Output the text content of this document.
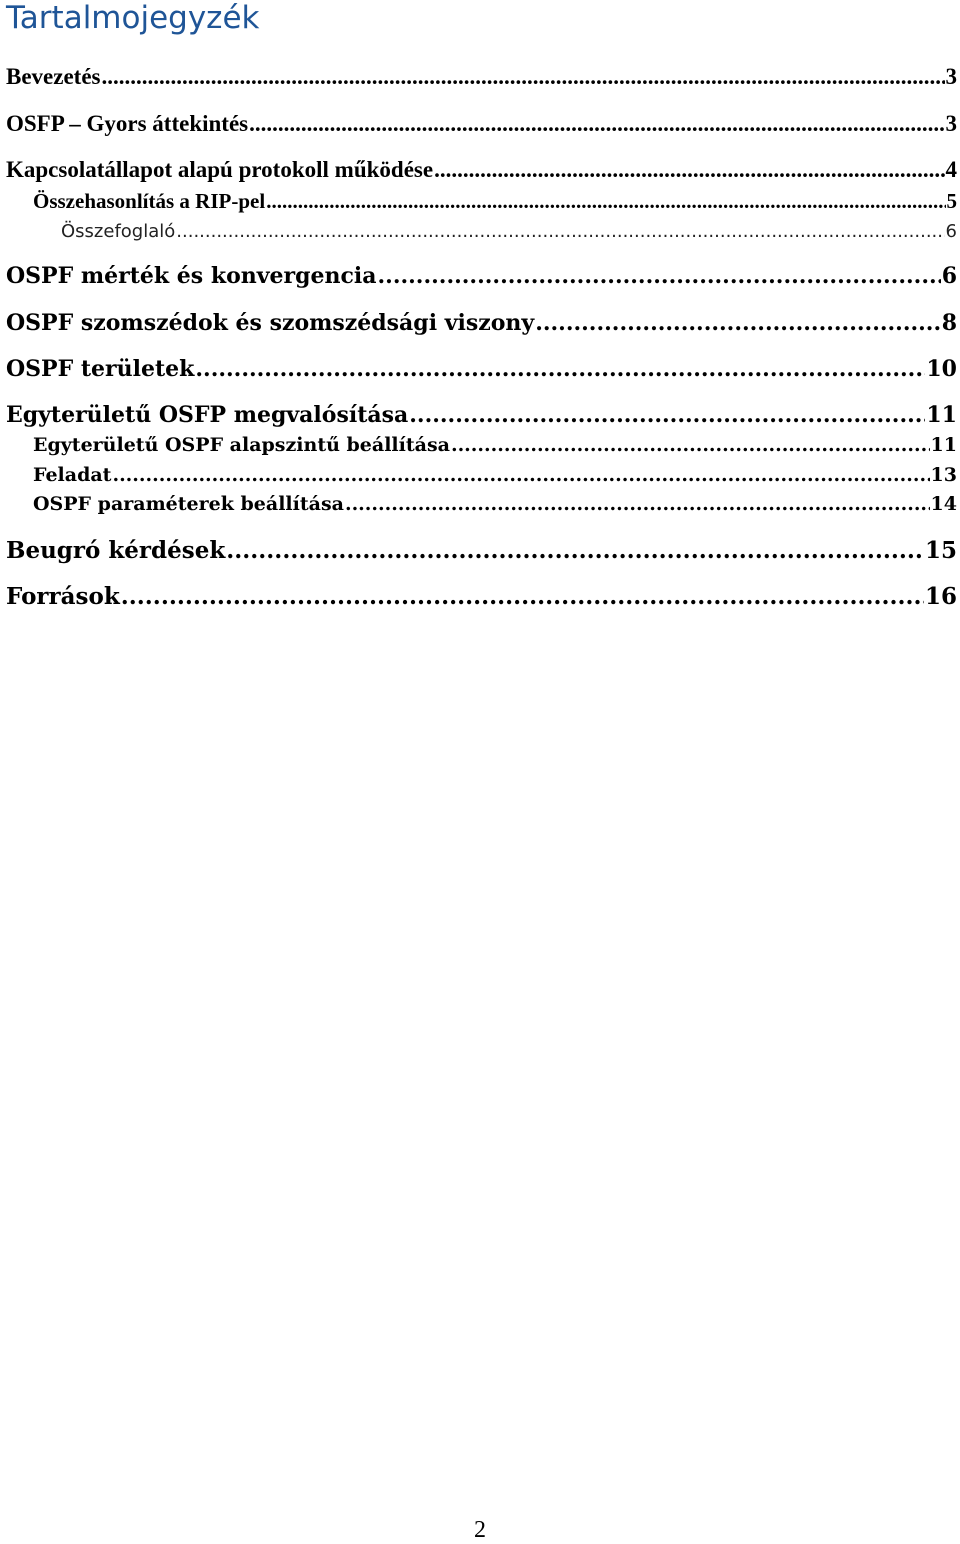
Tartalmojegyzék
Bevezetés .....	3
OSFP – Gyors áttekintés .....	3
Kapcsolatállapot alapú protokoll működése .....	4
Összehasonlítás a RIP-pel .....	5
Összefoglaló .....	6
OSPF mérték és konvergencia .....	6
OSPF szomszédok és szomszédsági viszony .....	8
OSPF területek .....	10
Egyterületű OSFP megvalósítása .....	11
Egyterületű OSPF alapszintű beállítása .....	11
Feladat .....	13
OSPF paraméterek beállítása .....	14
Beugró kérdések .....	15
Források .....	16
2
